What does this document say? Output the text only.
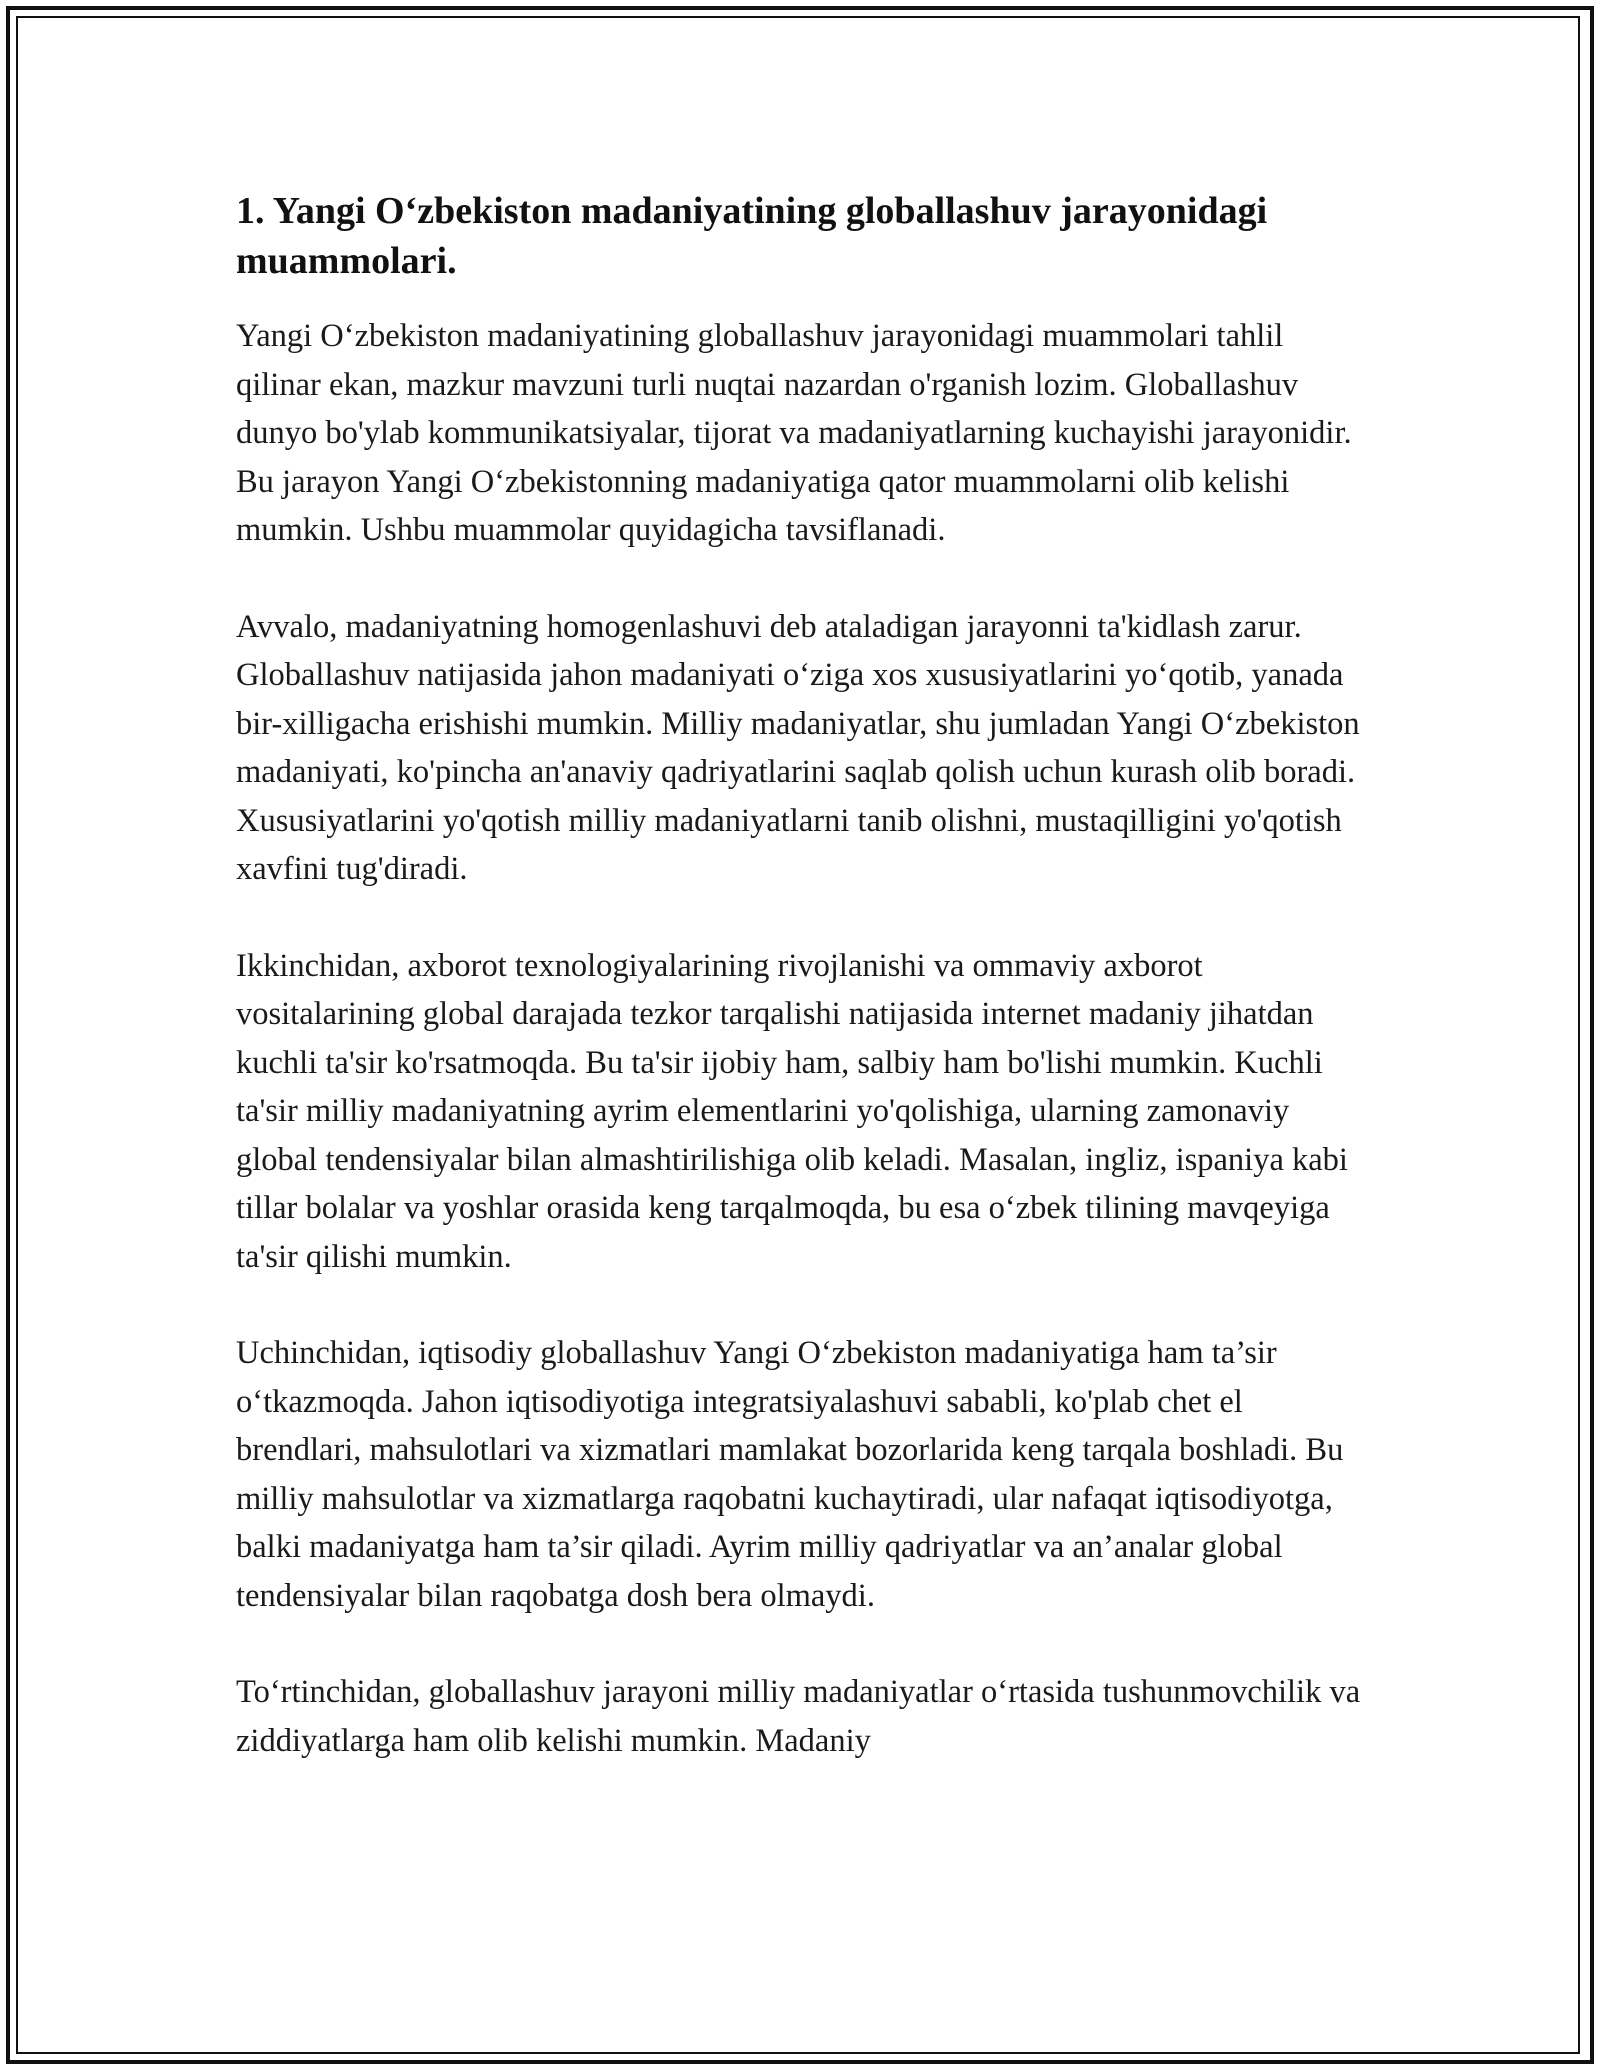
1. Yangi O‘zbekiston madaniyatining globallashuv jarayonidagi muammolari.

Yangi O‘zbekiston madaniyatining globallashuv jarayonidagi muammolari tahlil qilinar ekan, mazkur mavzuni turli nuqtai nazardan o'rganish lozim. Globallashuv dunyo bo'ylab kommunikatsiyalar, tijorat va madaniyatlarning kuchayishi jarayonidir. Bu jarayon Yangi O‘zbekistonning madaniyatiga qator muammolarni olib kelishi mumkin. Ushbu muammolar quyidagicha tavsiflanadi.

Avvalo, madaniyatning homogenlashuvi deb ataladigan jarayonni ta'kidlash zarur. Globallashuv natijasida jahon madaniyati o‘ziga xos xususiyatlarini yo‘qotib, yanada bir-xilligacha erishishi mumkin. Milliy madaniyatlar, shu jumladan Yangi O‘zbekiston madaniyati, ko'pincha an'anaviy qadriyatlarini saqlab qolish uchun kurash olib boradi. Xususiyatlarini yo'qotish milliy madaniyatlarni tanib olishni, mustaqilligini yo'qotish xavfini tug'diradi.

Ikkinchidan, axborot texnologiyalarining rivojlanishi va ommaviy axborot vositalarining global darajada tezkor tarqalishi natijasida internet madaniy jihatdan kuchli ta'sir ko'rsatmoqda. Bu ta'sir ijobiy ham, salbiy ham bo'lishi mumkin. Kuchli ta'sir milliy madaniyatning ayrim elementlarini yo'qolishiga, ularning zamonaviy global tendensiyalar bilan almashtirilishiga olib keladi. Masalan, ingliz, ispaniya kabi tillar bolalar va yoshlar orasida keng tarqalmoqda, bu esa o‘zbek tilining mavqeyiga ta'sir qilishi mumkin.

Uchinchidan, iqtisodiy globallashuv Yangi O‘zbekiston madaniyatiga ham ta’sir o‘tkazmoqda. Jahon iqtisodiyotiga integratsiyalashuvi sababli, ko'plab chet el brendlari, mahsulotlari va xizmatlari mamlakat bozorlarida keng tarqala boshladi. Bu milliy mahsulotlar va xizmatlarga raqobatni kuchaytiradi, ular nafaqat iqtisodiyotga, balki madaniyatga ham ta’sir qiladi. Ayrim milliy qadriyatlar va an’analar global tendensiyalar bilan raqobatga dosh bera olmaydi.

To‘rtinchidan, globallashuv jarayoni milliy madaniyatlar o‘rtasida tushunmovchilik va ziddiyatlarga ham olib kelishi mumkin. Madaniy
